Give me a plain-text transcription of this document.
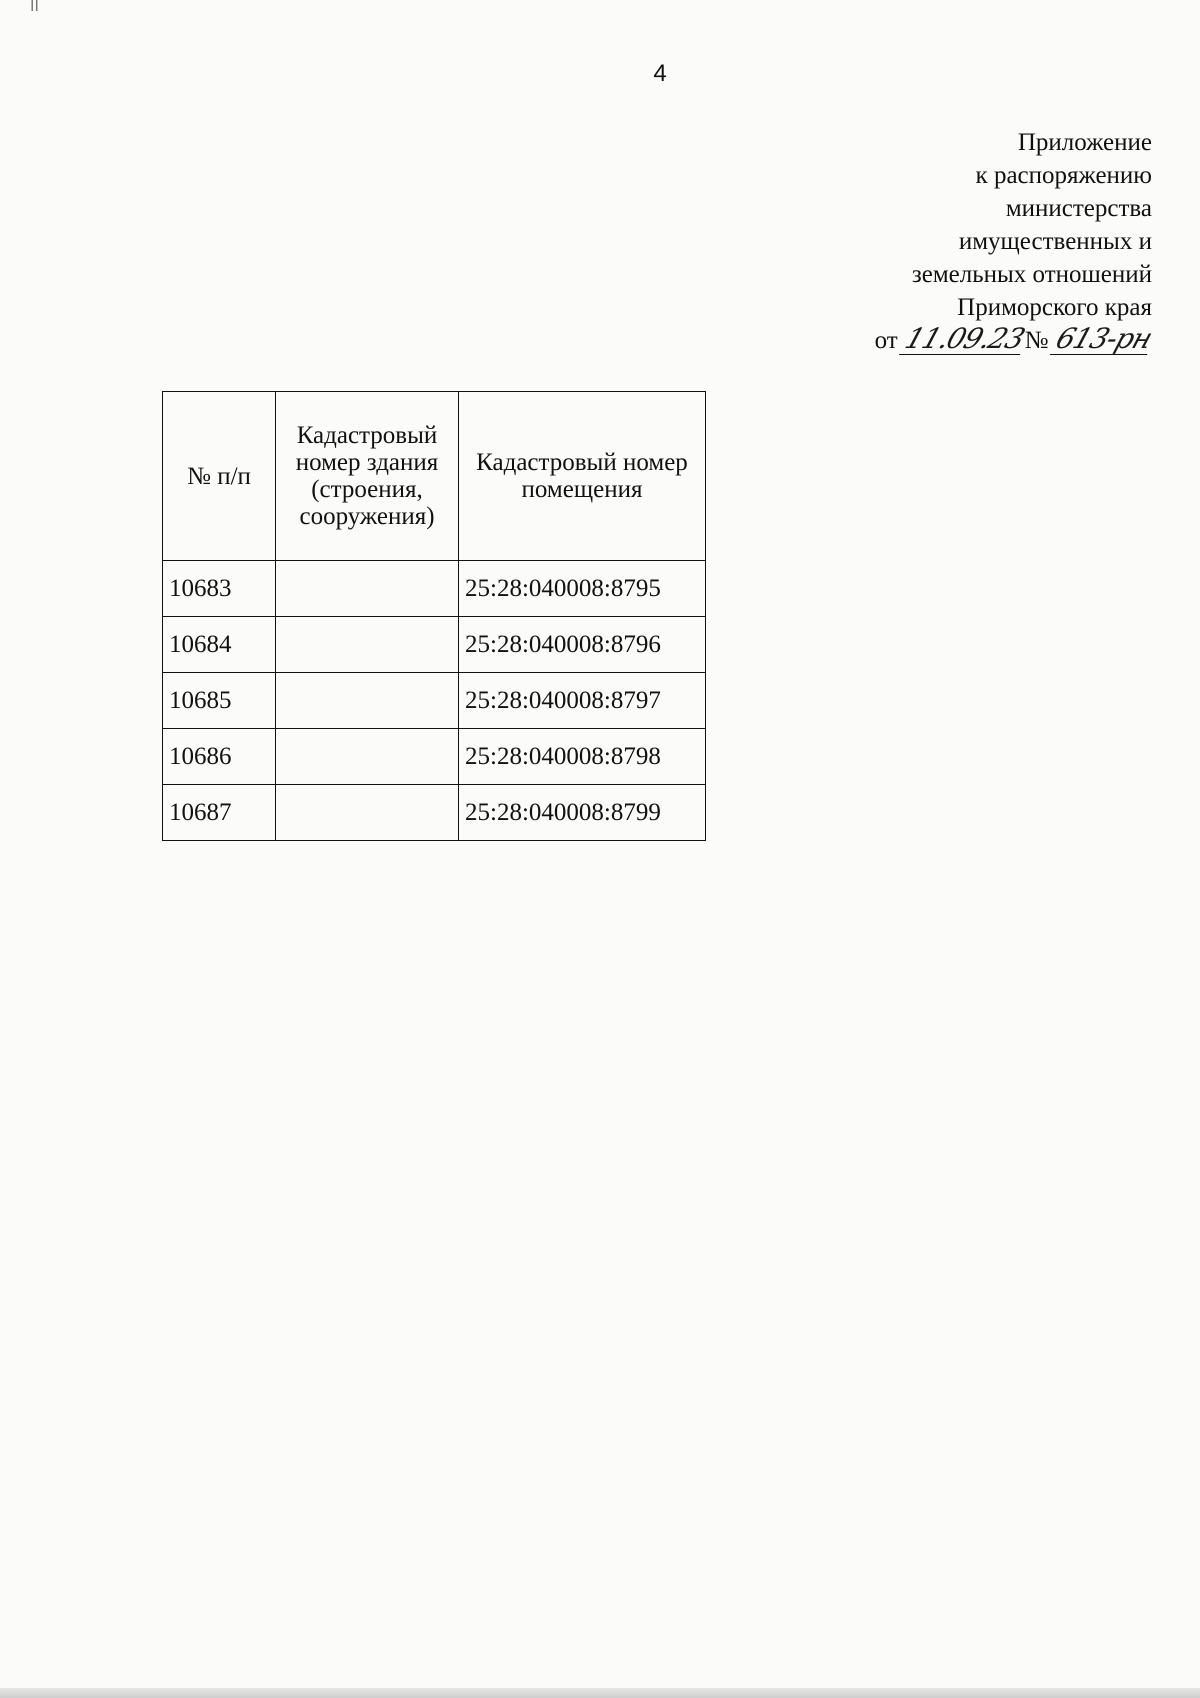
II
4
Приложение
к распоряжению
министерства
имущественных и
земельных отношений
Приморского края
от 11.09.23№ 613-рн
№ п/п	Кадастровый номер здания (строения, сооружения)	Кадастровый номер помещения
10683		25:28:040008:8795
10684		25:28:040008:8796
10685		25:28:040008:8797
10686		25:28:040008:8798
10687		25:28:040008:8799
